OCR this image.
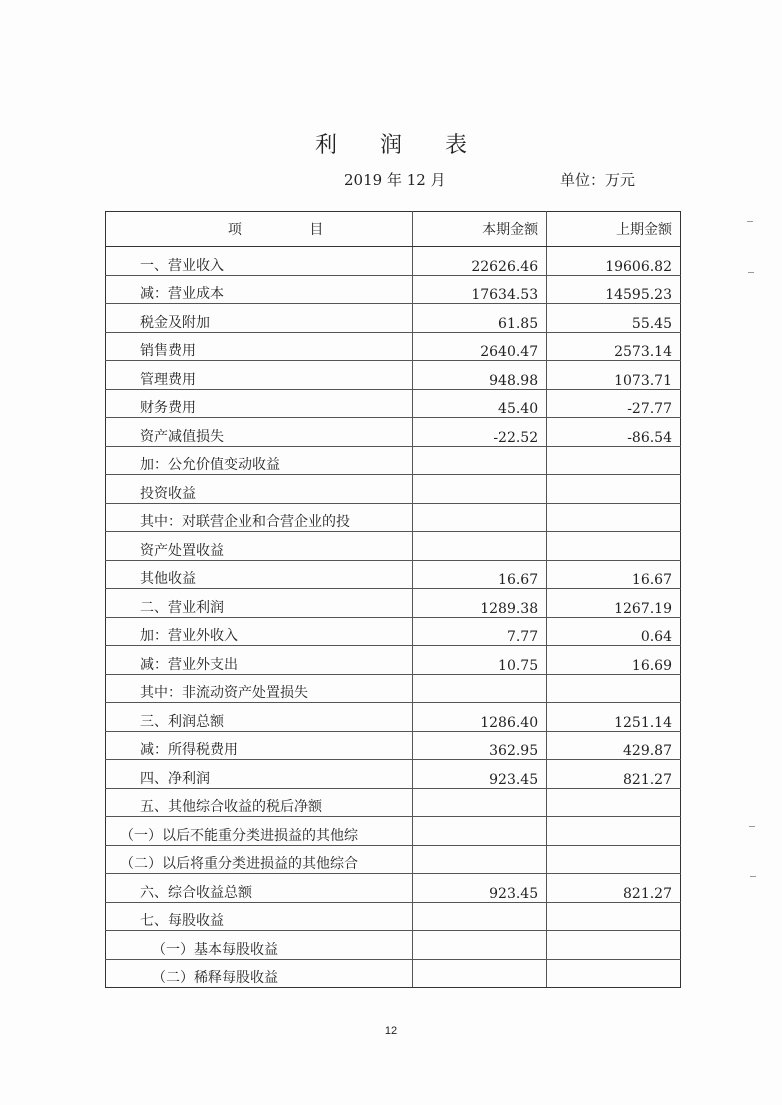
利 润 表
2019 年 12 月	单位：万元
项 目	本期金额	上期金额
一、营业收入	22626.46	19606.82
减：营业成本	17634.53	14595.23
税金及附加	61.85	55.45
销售费用	2640.47	2573.14
管理费用	948.98	1073.71
财务费用	45.40	-27.77
资产减值损失	-22.52	-86.54
加：公允价值变动收益		
投资收益		
其中：对联营企业和合营企业的投		
资产处置收益		
其他收益	16.67	16.67
二、营业利润	1289.38	1267.19
加：营业外收入	7.77	0.64
减：营业外支出	10.75	16.69
其中：非流动资产处置损失		
三、利润总额	1286.40	1251.14
减：所得税费用	362.95	429.87
四、净利润	923.45	821.27
五、其他综合收益的税后净额		
（一）以后不能重分类进损益的其他综		
（二）以后将重分类进损益的其他综合		
六、综合收益总额	923.45	821.27
七、每股收益		
（一）基本每股收益		
（二）稀释每股收益		
12
